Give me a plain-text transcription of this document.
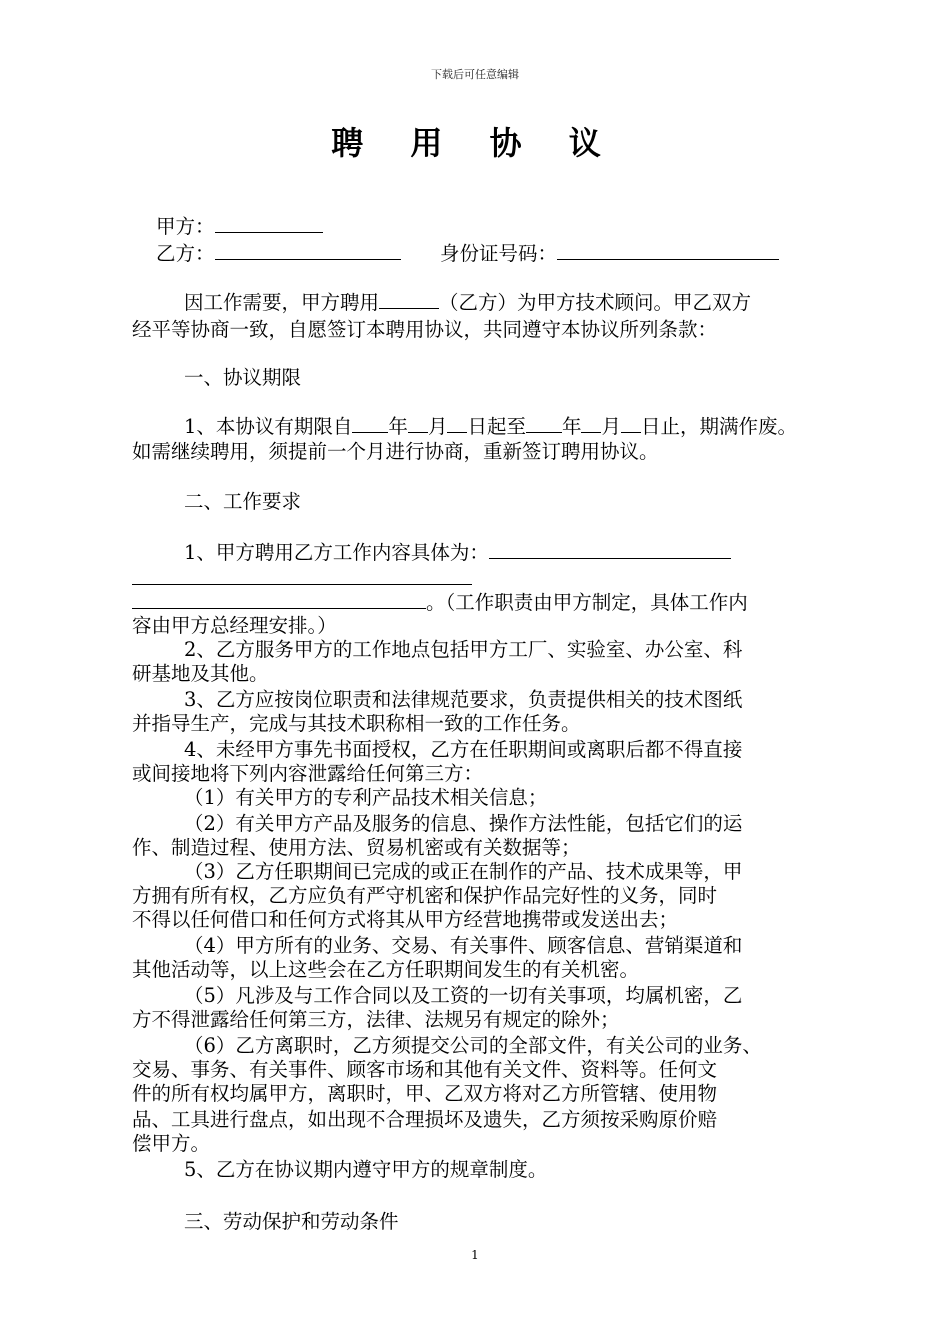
下载后可任意编辑
聘 用 协 议
甲方：
乙方：	身份证号码：
因工作需要，甲方聘用	（乙方）为甲方技术顾问。甲乙双方
经平等协商一致，自愿签订本聘用协议，共同遵守本协议所列条款：
一、协议期限
1、本协议有期限自 年 月 日起至 年 月 日止，期满作废。
如需继续聘用，须提前一个月进行协商，重新签订聘用协议。
二、工作要求
1、甲方聘用乙方工作内容具体为：
。（工作职责由甲方制定，具体工作内
容由甲方总经理安排。）
2、乙方服务甲方的工作地点包括甲方工厂、实验室、办公室、科
研基地及其他。
3、乙方应按岗位职责和法律规范要求，负责提供相关的技术图纸
并指导生产，完成与其技术职称相一致的工作任务。
4、未经甲方事先书面授权，乙方在任职期间或离职后都不得直接
或间接地将下列内容泄露给任何第三方：
（1）有关甲方的专利产品技术相关信息；
（2）有关甲方产品及服务的信息、操作方法性能，包括它们的运
作、制造过程、使用方法、贸易机密或有关数据等；
（3）乙方任职期间已完成的或正在制作的产品、技术成果等，甲
方拥有所有权，乙方应负有严守机密和保护作品完好性的义务，同时
不得以任何借口和任何方式将其从甲方经营地携带或发送出去；
（4）甲方所有的业务、交易、有关事件、顾客信息、营销渠道和
其他活动等，以上这些会在乙方任职期间发生的有关机密。
（5）凡涉及与工作合同以及工资的一切有关事项，均属机密，乙
方不得泄露给任何第三方，法律、法规另有规定的除外；
（6）乙方离职时，乙方须提交公司的全部文件，有关公司的业务、
交易、事务、有关事件、顾客市场和其他有关文件、资料等。任何文
件的所有权均属甲方，离职时，甲、乙双方将对乙方所管辖、使用物
品、工具进行盘点，如出现不合理损坏及遗失，乙方须按采购原价赔
偿甲方。
5、乙方在协议期内遵守甲方的规章制度。
三、劳动保护和劳动条件
1
